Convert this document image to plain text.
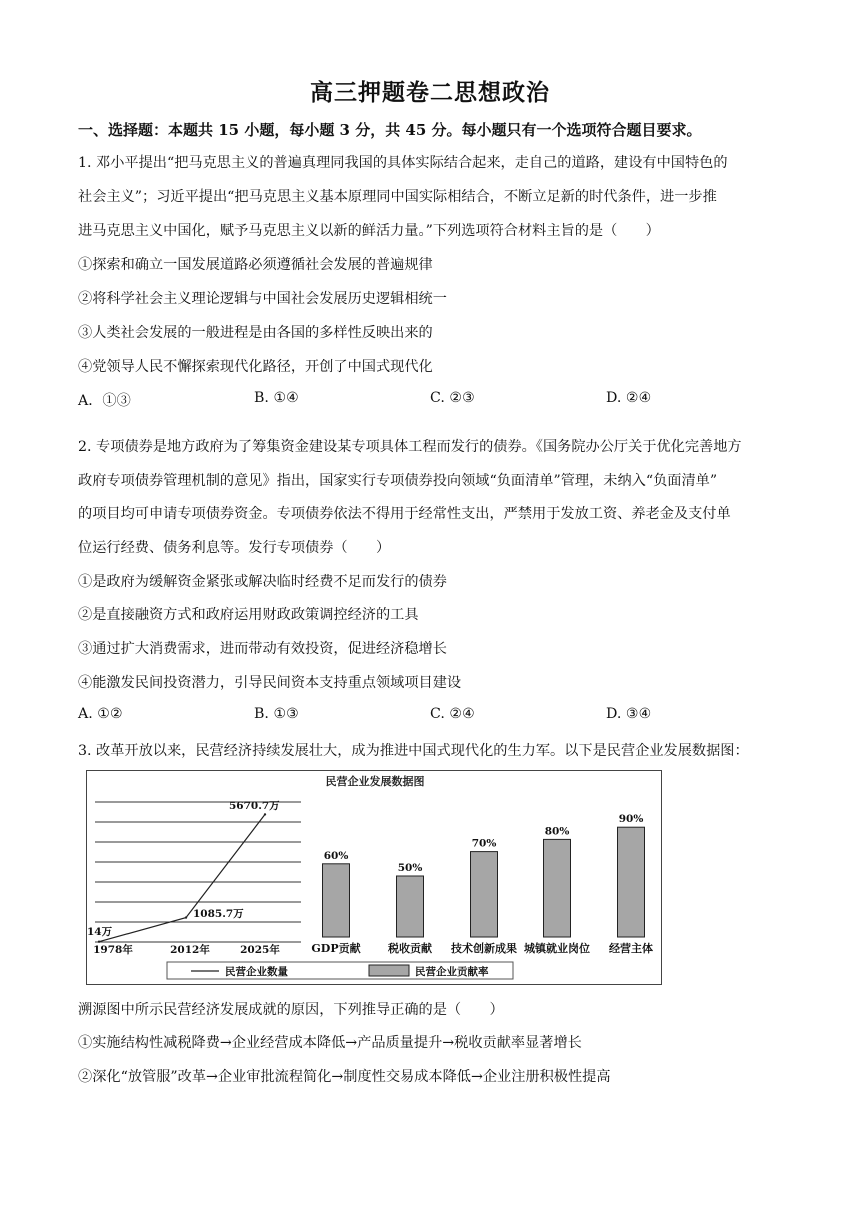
高三押题卷二思想政治
一、选择题：本题共 15 小题，每小题 3 分，共 45 分。每小题只有一个选项符合题目要求。
1. 邓小平提出“把马克思主义的普遍真理同我国的具体实际结合起来，走自己的道路，建设有中国特色的
社会主义”；习近平提出“把马克思主义基本原理同中国实际相结合，不断立足新的时代条件，进一步推
进马克思主义中国化，赋予马克思主义以新的鲜活力量。”下列选项符合材料主旨的是（　　）
①探索和确立一国发展道路必须遵循社会发展的普遍规律
②将科学社会主义理论逻辑与中国社会发展历史逻辑相统一
③人类社会发展的一般进程是由各国的多样性反映出来的
④党领导人民不懈探索现代化路径，开创了中国式现代化
A．①③	B. ①④	C. ②③	D. ②④
2. 专项债券是地方政府为了筹集资金建设某专项具体工程而发行的债券。《国务院办公厅关于优化完善地方
政府专项债券管理机制的意见》指出，国家实行专项债券投向领域“负面清单”管理，未纳入“负面清单”
的项目均可申请专项债券资金。专项债券依法不得用于经常性支出，严禁用于发放工资、养老金及支付单
位运行经费、债务利息等。发行专项债券（　　）
①是政府为缓解资金紧张或解决临时经费不足而发行的债券
②是直接融资方式和政府运用财政政策调控经济的工具
③通过扩大消费需求，进而带动有效投资，促进经济稳增长
④能激发民间投资潜力，引导民间资本支持重点领域项目建设
A. ①②	B. ①③	C. ②④	D. ③④
3. 改革开放以来，民营经济持续发展壮大，成为推进中国式现代化的生力军。以下是民营企业发展数据图：
民营企业发展数据图
14万
1085.7万
5670.7万
1978年	2012年	2025年
60%
GDP贡献
50%
税收贡献
70%
技术创新成果
80%
城镇就业岗位
90%
经营主体
民营企业数量	民营企业贡献率
溯源图中所示民营经济发展成就的原因，下列推导正确的是（　　）
①实施结构性减税降费→企业经营成本降低→产品质量提升→税收贡献率显著增长
②深化“放管服”改革→企业审批流程简化→制度性交易成本降低→企业注册积极性提高
